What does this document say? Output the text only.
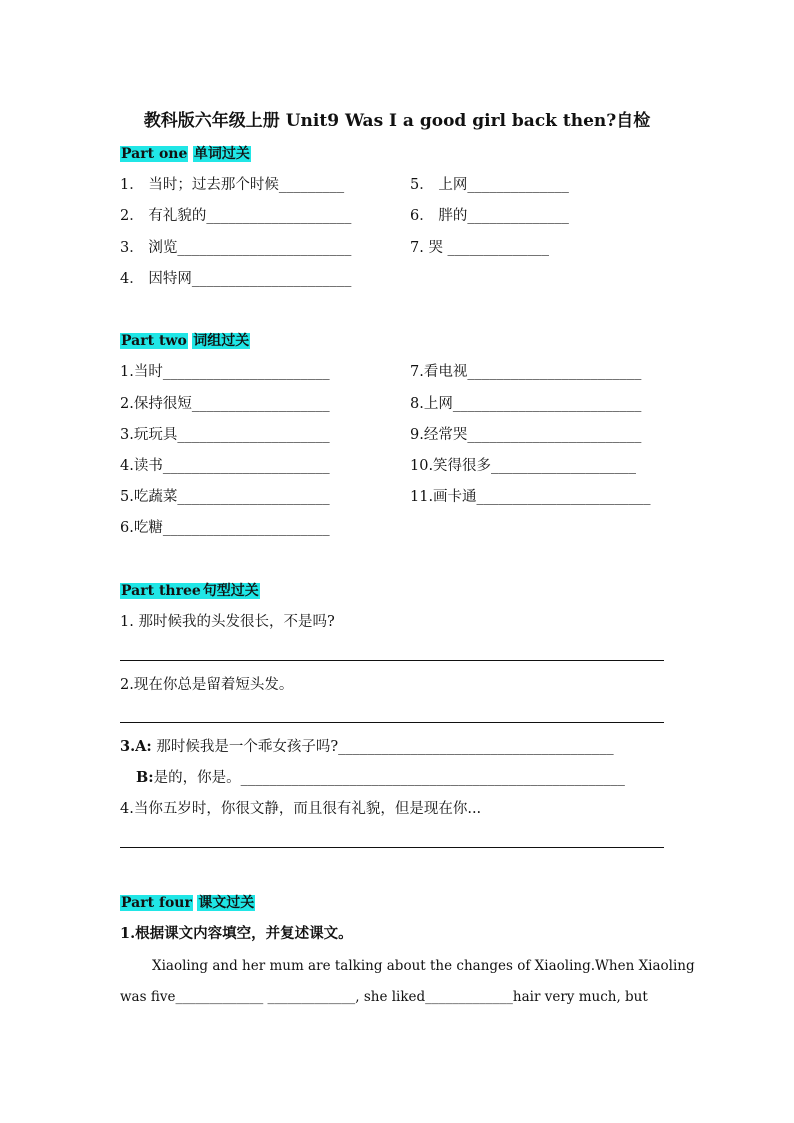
教科版六年级上册 Unit9 Was I a good girl back then?自检
Part one 单词过关
1． 当时；过去那个时候_________
2． 有礼貌的____________________
3． 浏览________________________
4． 因特网______________________
5． 上网______________
6． 胖的______________
7. 哭 ______________
Part two 词组过关
1.当时_______________________
2.保持很短___________________
3.玩玩具_____________________
4.读书_______________________
5.吃蔬菜_____________________
6.吃糖_______________________
7.看电视________________________
8.上网__________________________
9.经常哭________________________
10.笑得很多____________________
11.画卡通________________________
Part three 句型过关
1. 那时候我的头发很长，不是吗?
2.现在你总是留着短头发。
3.A: 那时候我是一个乖女孩子吗?______________________________________
B:是的，你是。_____________________________________________________
4.当你五岁时，你很文静，而且很有礼貌，但是现在你...
Part four 课文过关
1.根据课文内容填空，并复述课文。
Xiaoling and her mum are talking about the changes of Xiaoling.When Xiaoling
was five_____________ _____________, she liked_____________hair very much, but
